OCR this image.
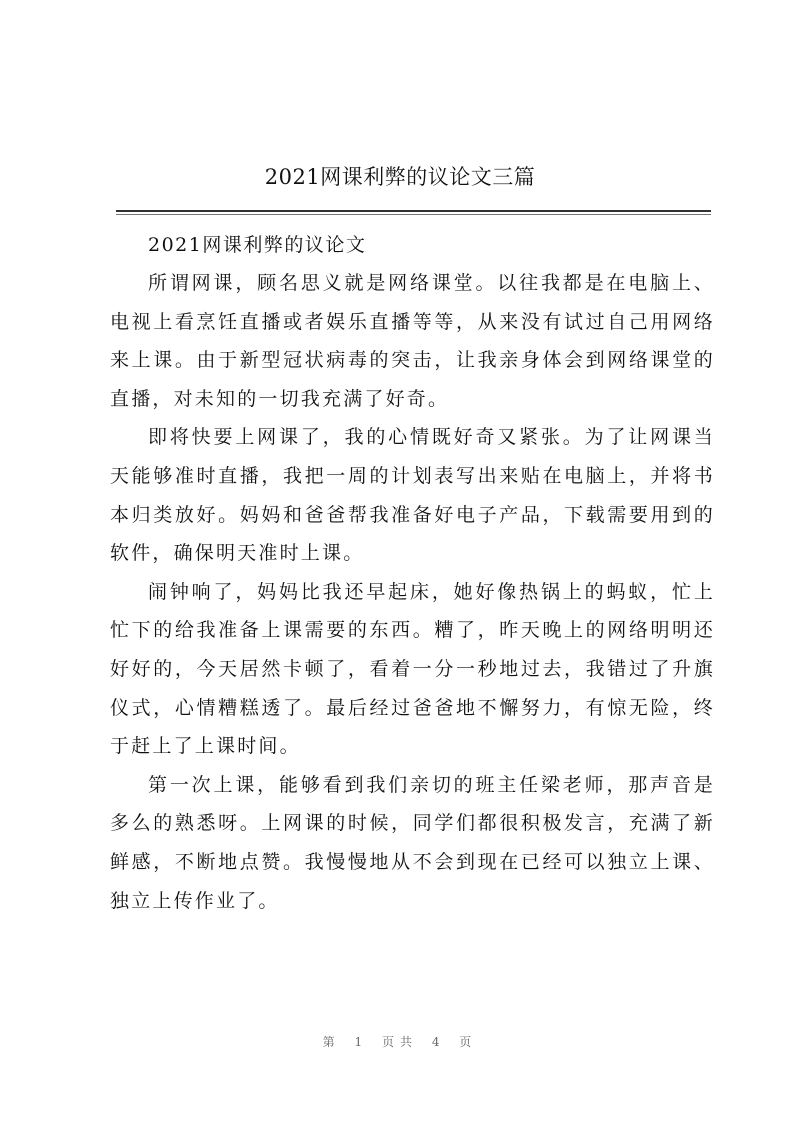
2021网课利弊的议论文三篇

2021网课利弊的议论文

所谓网课，顾名思义就是网络课堂。以往我都是在电脑上、电视上看烹饪直播或者娱乐直播等等，从来没有试过自己用网络来上课。由于新型冠状病毒的突击，让我亲身体会到网络课堂的直播，对未知的一切我充满了好奇。

即将快要上网课了，我的心情既好奇又紧张。为了让网课当天能够准时直播，我把一周的计划表写出来贴在电脑上，并将书本归类放好。妈妈和爸爸帮我准备好电子产品，下载需要用到的软件，确保明天准时上课。

闹钟响了，妈妈比我还早起床，她好像热锅上的蚂蚁，忙上忙下的给我准备上课需要的东西。糟了，昨天晚上的网络明明还好好的，今天居然卡顿了，看着一分一秒地过去，我错过了升旗仪式，心情糟糕透了。最后经过爸爸地不懈努力，有惊无险，终于赶上了上课时间。

第一次上课，能够看到我们亲切的班主任梁老师，那声音是多么的熟悉呀。上网课的时候，同学们都很积极发言，充满了新鲜感，不断地点赞。我慢慢地从不会到现在已经可以独立上课、独立上传作业了。

第 1 页共 4 页
